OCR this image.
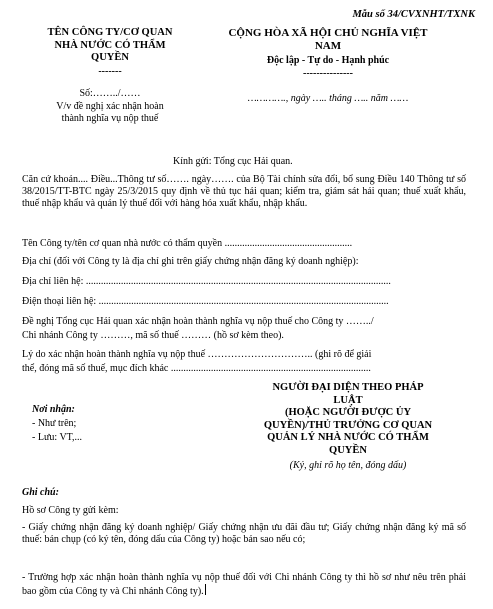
Mẫu số 34/CVXNHT/TXNK
TÊN CÔNG TY/CƠ QUAN
NHÀ NƯỚC CÓ THẨM
QUYỀN
-------
Số:……../……
V/v đề nghị xác nhận hoàn
thành nghĩa vụ nộp thuế
CỘNG HÒA XÃ HỘI CHỦ NGHĨA VIỆT
NAM
Độc lập - Tự do - Hạnh phúc
---------------
…………., ngày ….. tháng ….. năm ……
Kính gửi: Tổng cục Hải quan.
Căn cứ khoản.... Điều...Thông tư số……. ngày……. của Bộ Tài chính sửa đổi, bổ sung Điều 140 Thông tư số 38/2015/TT-BTC ngày 25/3/2015 quy định về thủ tục hải quan; kiểm tra, giám sát hải quan; thuế xuất khẩu, thuế nhập khẩu và quản lý thuế đối với hàng hóa xuất khẩu, nhập khẩu.
Tên Công ty/tên cơ quan nhà nước có thẩm quyền ...................................................
Địa chỉ (đối với Công ty là địa chỉ ghi trên giấy chứng nhận đăng ký doanh nghiệp):
Địa chỉ liên hệ: ..........................................................................................................................
Điện thoại liên hệ: ....................................................................................................................
Đề nghị Tổng cục Hải quan xác nhận hoàn thành nghĩa vụ nộp thuế cho Công ty ……../
Chi nhánh Công ty ………, mã số thuế ……… (hồ sơ kèm theo).
Lý do xác nhận hoàn thành nghĩa vụ nộp thuế ………………………….. (ghi rõ để giải
thể, đóng mã số thuế, mục đích khác ................................................................................
Nơi nhận:
- Như trên;
- Lưu: VT,...
NGƯỜI ĐẠI DIỆN THEO PHÁP
LUẬT
(HOẶC NGƯỜI ĐƯỢC ỦY
QUYỀN)/THỦ TRƯỞNG CƠ QUAN
QUẢN LÝ NHÀ NƯỚC CÓ THẨM
QUYỀN
(Ký, ghi rõ họ tên, đóng dấu)
Ghi chú:
Hồ sơ Công ty gửi kèm:
- Giấy chứng nhận đăng ký doanh nghiệp/ Giấy chứng nhận ưu đãi đầu tư; Giấy chứng nhận đăng ký mã số thuế: bản chụp (có ký tên, đóng dấu của Công ty) hoặc bản sao nếu có;
- Trường hợp xác nhận hoàn thành nghĩa vụ nộp thuế đối với Chi nhánh Công ty thì hồ sơ như nêu trên phải bao gồm của Công ty và Chi nhánh Công ty).
